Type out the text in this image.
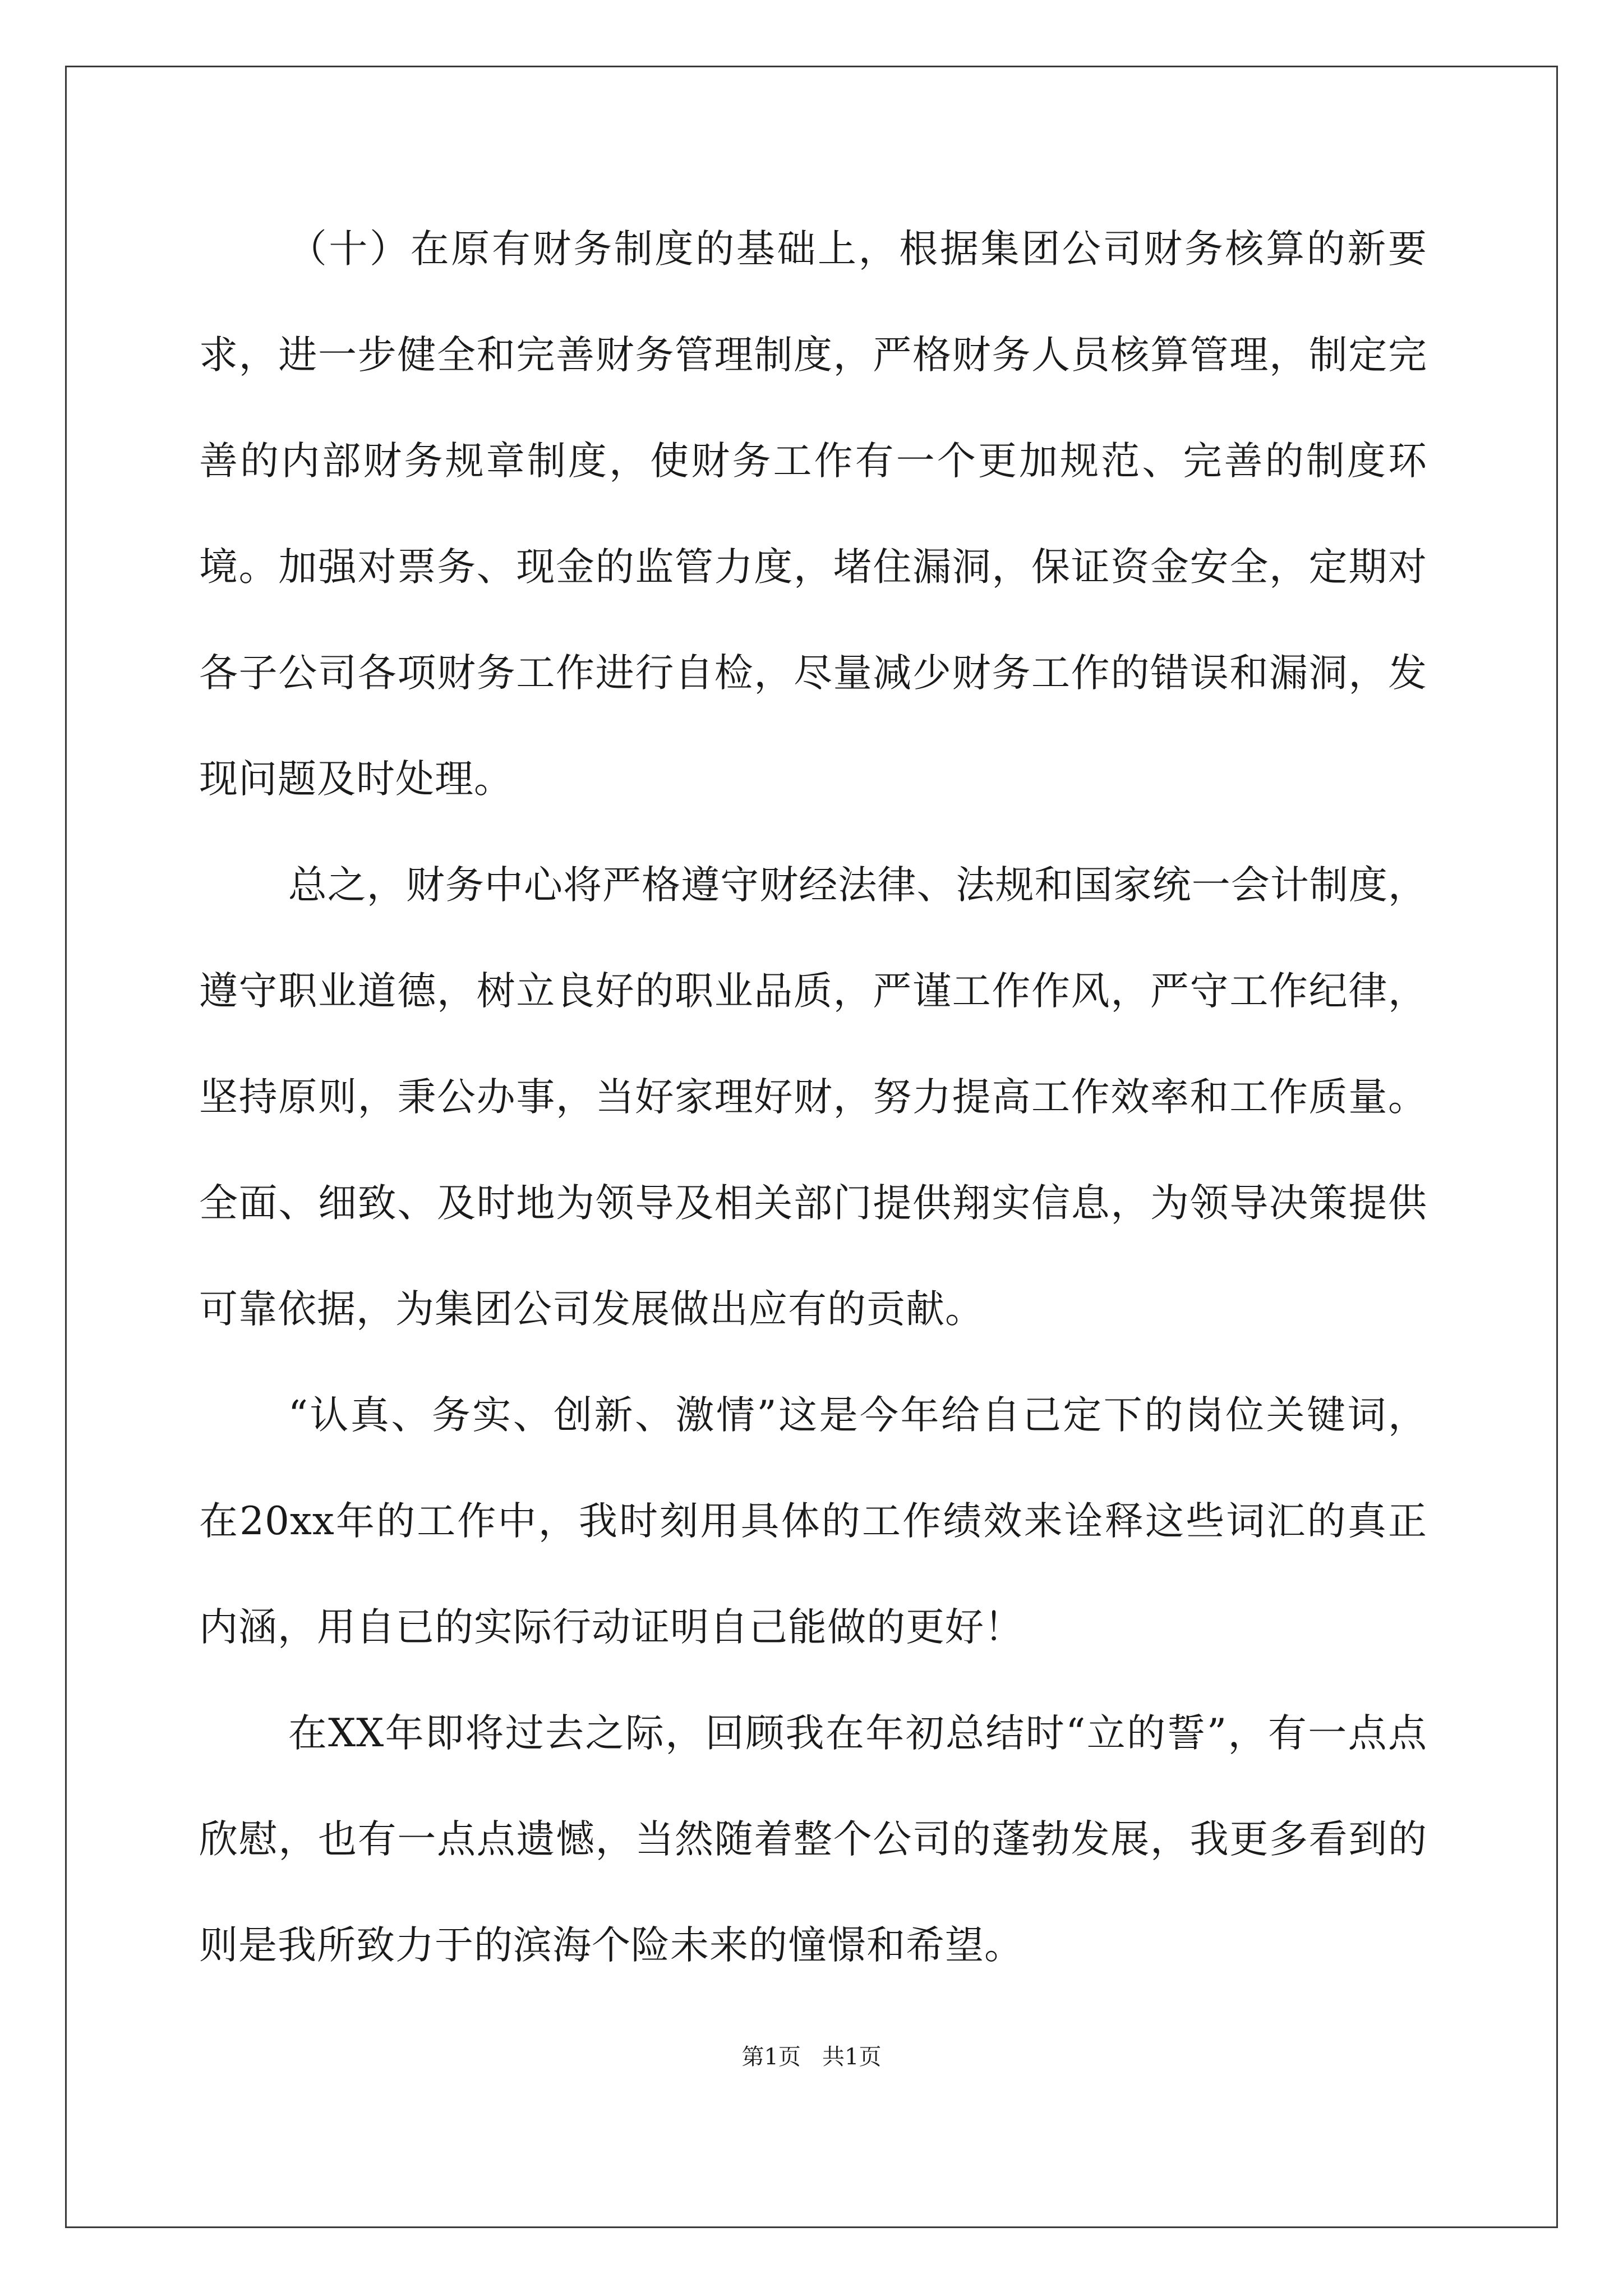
（十）在原有财务制度的基础上，根据集团公司财务核算的新要求，进一步健全和完善财务管理制度，严格财务人员核算管理，制定完善的内部财务规章制度，使财务工作有一个更加规范、完善的制度环境。加强对票务、现金的监管力度，堵住漏洞，保证资金安全，定期对各子公司各项财务工作进行自检，尽量减少财务工作的错误和漏洞，发现问题及时处理。

总之，财务中心将严格遵守财经法律、法规和国家统一会计制度，遵守职业道德，树立良好的职业品质，严谨工作作风，严守工作纪律，坚持原则，秉公办事，当好家理好财，努力提高工作效率和工作质量。全面、细致、及时地为领导及相关部门提供翔实信息，为领导决策提供可靠依据，为集团公司发展做出应有的贡献。

“认真、务实、创新、激情”这是今年给自己定下的岗位关键词，在20xx年的工作中，我时刻用具体的工作绩效来诠释这些词汇的真正内涵，用自已的实际行动证明自己能做的更好！

在XX年即将过去之际，回顾我在年初总结时“立的誓”，有一点点欣慰，也有一点点遗憾，当然随着整个公司的蓬勃发展，我更多看到的则是我所致力于的滨海个险未来的憧憬和希望。

第1页   共1页
